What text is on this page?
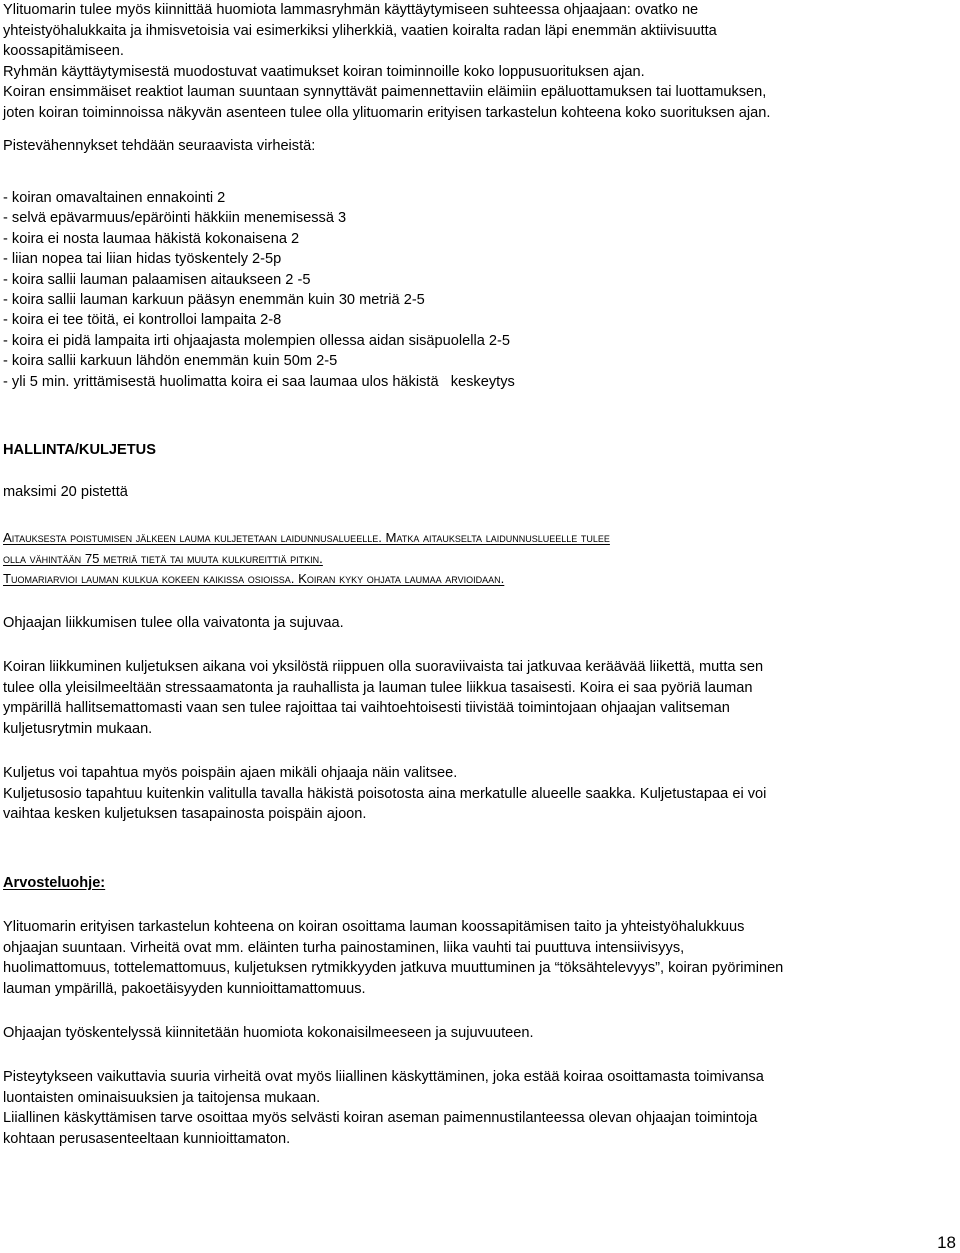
Ylituomarin tulee myös kiinnittää huomiota lammasryhmän käyttäytymiseen suhteessa ohjaajaan: ovatko ne

yhteistyöhalukkaita ja ihmisvetoisia vai esimerkiksi yliherkkiä, vaatien koiralta radan läpi enemmän aktiivisuutta

koossapitämiseen.

Ryhmän käyttäytymisestä muodostuvat vaatimukset koiran toiminnoille koko loppusuorituksen ajan.

Koiran ensimmäiset reaktiot lauman suuntaan synnyttävät paimennettaviin eläimiin epäluottamuksen tai luottamuksen,

joten koiran toiminnoissa näkyvän asenteen tulee olla ylituomarin erityisen tarkastelun kohteena koko suorituksen ajan.

Pistevähennykset tehdään seuraavista virheistä:

- koiran omavaltainen ennakointi 2

- selvä epävarmuus/epäröinti häkkiin menemisessä 3

- koira ei nosta laumaa häkistä kokonaisena 2

- liian nopea tai liian hidas työskentely 2-5p

- koira sallii lauman palaamisen aitaukseen 2 -5

- koira sallii lauman karkuun pääsyn enemmän kuin 30 metriä 2-5

- koira ei tee töitä, ei kontrolloi lampaita 2-8

- koira ei pidä lampaita irti ohjaajasta molempien ollessa aidan sisäpuolella 2-5

- koira sallii karkuun lähdön enemmän kuin 50m 2-5

- yli 5 min. yrittämisestä huolimatta koira ei saa laumaa ulos häkistä   keskeytys

HALLINTA/KULJETUS

maksimi 20 pistettä

Aitauksesta poistumisen jälkeen lauma kuljetetaan laidunnusalueelle. Matka aitaukselta laidunnuslueelle tulee

olla vähintään 75 metriä tietä tai muuta kulkureittiä pitkin.

Tuomariarvioi lauman kulkua kokeen kaikissa osioissa. Koiran kyky ohjata laumaa arvioidaan.

Ohjaajan liikkumisen tulee olla vaivatonta ja sujuvaa.

Koiran liikkuminen kuljetuksen aikana voi yksilöstä riippuen olla suoraviivaista tai jatkuvaa keräävää liikettä, mutta sen

tulee olla yleisilmeeltään stressaamatonta ja rauhallista ja lauman tulee liikkua tasaisesti. Koira ei saa pyöriä lauman

ympärillä hallitsemattomasti vaan sen tulee rajoittaa tai vaihtoehtoisesti tiivistää toimintojaan ohjaajan valitseman

kuljetusrytmin mukaan.

Kuljetus voi tapahtua myös poispäin ajaen mikäli ohjaaja näin valitsee.

Kuljetusosio tapahtuu kuitenkin valitulla tavalla häkistä poisotosta aina merkatulle alueelle saakka. Kuljetustapaa ei voi

vaihtaa kesken kuljetuksen tasapainosta poispäin ajoon.

Arvosteluohje:

Ylituomarin erityisen tarkastelun kohteena on koiran osoittama lauman koossapitämisen taito ja yhteistyöhalukkuus

ohjaajan suuntaan. Virheitä ovat mm. eläinten turha painostaminen, liika vauhti tai puuttuva intensiivisyys,

huolimattomuus, tottelemattomuus, kuljetuksen rytmikkyyden jatkuva muuttuminen ja “töksähtelevyys”, koiran pyöriminen

lauman ympärillä, pakoetäisyyden kunnioittamattomuus.

Ohjaajan työskentelyssä kiinnitetään huomiota kokonaisilmeeseen ja sujuvuuteen.

Pisteytykseen vaikuttavia suuria virheitä ovat myös liiallinen käskyttäminen, joka estää koiraa osoittamasta toimivansa

luontaisten ominaisuuksien ja taitojensa mukaan.

Liiallinen käskyttämisen tarve osoittaa myös selvästi koiran aseman paimennustilanteessa olevan ohjaajan toimintoja

kohtaan perusasenteeltaan kunnioittamaton.

18
